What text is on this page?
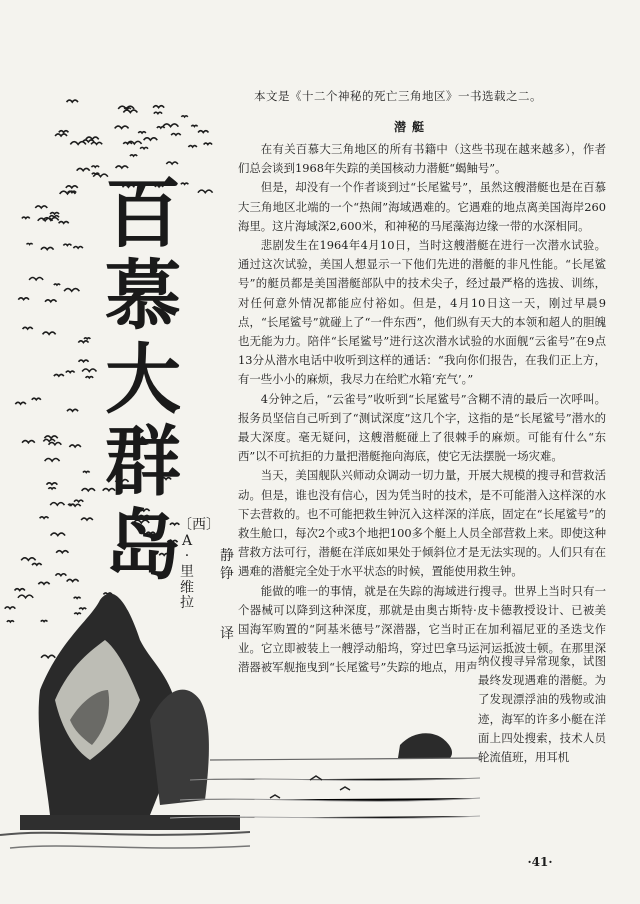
百
慕
大
群
岛
〔西〕A · 里维拉
静铮
译
本文是《十二个神秘的死亡三角地区》一书选载之二。
潜艇

在有关百慕大三角地区的所有书籍中（这些书现在越来越多），作者们总会谈到1968年失踪的美国核动力潜艇“蝎鲉号”。

但是，却没有一个作者谈到过“长尾鲨号”，虽然这艘潜艇也是在百慕大三角地区北端的一个“热闹”海域遇难的。它遇难的地点离美国海岸260海里。这片海域深2,600米，和神秘的马尾藻海边缘一带的水深相同。

悲剧发生在1964年4月10日，当时这艘潜艇在进行一次潜水试验。通过这次试验，美国人想显示一下他们先进的潜艇的非凡性能。“长尾鲨号”的艇员都是美国潜艇部队中的技术尖子，经过最严格的选拔、训练，对任何意外情况都能应付裕如。但是，4月10日这一天，刚过早晨9点，“长尾鲨号”就碰上了“一件东西”，他们纵有天大的本领和超人的胆魄也无能为力。陪伴“长尾鲨号”进行这次潜水试验的水面舰“云雀号”在9点13分从潜水电话中收听到这样的通话：“我向你们报告，在我们正上方，有一些小小的麻烦，我尽力在给贮水箱‘充气’。”

4分钟之后，“云雀号”收听到“长尾鲨号”含糊不清的最后一次呼叫。报务员坚信自己听到了“测试深度”这几个字，这指的是“长尾鲨号”潜水的最大深度。毫无疑问，这艘潜艇碰上了很棘手的麻烦。可能有什么“东西”以不可抗拒的力量把潜艇拖向海底，使它无法摆脱一场灾难。

当天，美国舰队兴师动众调动一切力量，开展大规模的搜寻和营救活动。但是，谁也没有信心，因为凭当时的技术，是不可能潜入这样深的水下去营救的。也不可能把救生钟沉入这样深的洋底，固定在“长尾鲨号”的救生舱口，每次2个或3个地把100多个艇上人员全部营救上来。即使这种营救方法可行，潜艇在洋底如果处于倾斜位才是无法实现的。人们只有在遇难的潜艇完全处于水平状态的时候，置能使用救生钟。

能做的唯一的事情，就是在失踪的海域进行搜寻。世界上当时只有一个器械可以降到这种深度，那就是由奥古斯特·皮卡德教授设计、已被美国海军购置的“阿基米德号”深潜器，它当时正在加利福尼亚的圣迭戈作业。它立即被装上一艘浮动船坞，穿过巴拿马运河运抵波士顿。在那里深潜器被军舰拖曳到“长尾鲨号”失踪的地点，用声 纳仪搜寻异常现象，试图最终发现遇难的潜艇。为了发现漂浮油的残物或油迹，海军的许多小艇在洋面上四处搜索，技术人员轮流值班，用耳机

·41·
